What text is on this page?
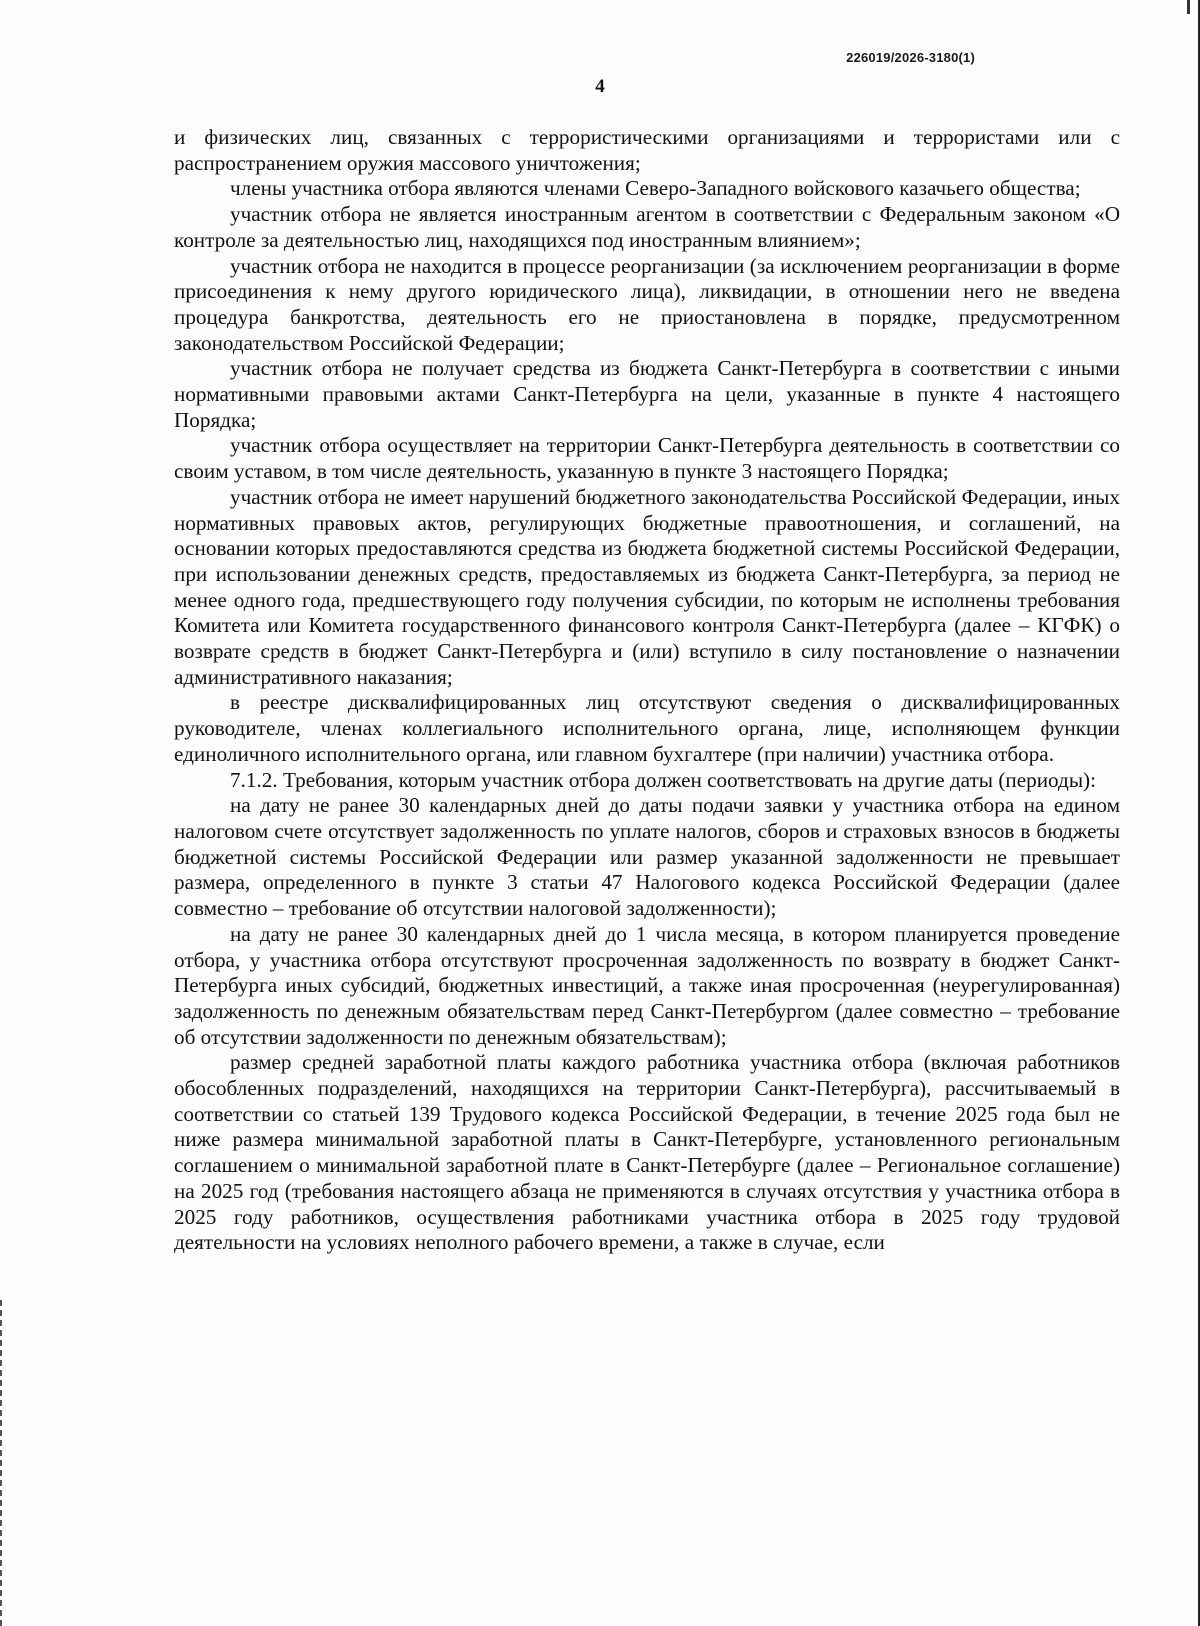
226019/2026-3180(1)
4

и физических лиц, связанных с террористическими организациями и террористами или с распространением оружия массового уничтожения;

члены участника отбора являются членами Северо-Западного войскового казачьего общества;

участник отбора не является иностранным агентом в соответствии с Федеральным законом «О контроле за деятельностью лиц, находящихся под иностранным влиянием»;

участник отбора не находится в процессе реорганизации (за исключением реорганизации в форме присоединения к нему другого юридического лица), ликвидации, в отношении него не введена процедура банкротства, деятельность его не приостановлена в порядке, предусмотренном законодательством Российской Федерации;

участник отбора не получает средства из бюджета Санкт-Петербурга в соответствии с иными нормативными правовыми актами Санкт-Петербурга на цели, указанные в пункте 4 настоящего Порядка;

участник отбора осуществляет на территории Санкт-Петербурга деятельность в соответствии со своим уставом, в том числе деятельность, указанную в пункте 3 настоящего Порядка;

участник отбора не имеет нарушений бюджетного законодательства Российской Федерации, иных нормативных правовых актов, регулирующих бюджетные правоотношения, и соглашений, на основании которых предоставляются средства из бюджета бюджетной системы Российской Федерации, при использовании денежных средств, предоставляемых из бюджета Санкт-Петербурга, за период не менее одного года, предшествующего году получения субсидии, по которым не исполнены требования Комитета или Комитета государственного финансового контроля Санкт-Петербурга (далее – КГФК) о возврате средств в бюджет Санкт-Петербурга и (или) вступило в силу постановление о назначении административного наказания;

в реестре дисквалифицированных лиц отсутствуют сведения о дисквалифицированных руководителе, членах коллегиального исполнительного органа, лице, исполняющем функции единоличного исполнительного органа, или главном бухгалтере (при наличии) участника отбора.

7.1.2. Требования, которым участник отбора должен соответствовать на другие даты (периоды):

на дату не ранее 30 календарных дней до даты подачи заявки у участника отбора на едином налоговом счете отсутствует задолженность по уплате налогов, сборов и страховых взносов в бюджеты бюджетной системы Российской Федерации или размер указанной задолженности не превышает размера, определенного в пункте 3 статьи 47 Налогового кодекса Российской Федерации (далее совместно – требование об отсутствии налоговой задолженности);

на дату не ранее 30 календарных дней до 1 числа месяца, в котором планируется проведение отбора, у участника отбора отсутствуют просроченная задолженность по возврату в бюджет Санкт-Петербурга иных субсидий, бюджетных инвестиций, а также иная просроченная (неурегулированная) задолженность по денежным обязательствам перед Санкт-Петербургом (далее совместно – требование об отсутствии задолженности по денежным обязательствам);

размер средней заработной платы каждого работника участника отбора (включая работников обособленных подразделений, находящихся на территории Санкт-Петербурга), рассчитываемый в соответствии со статьей 139 Трудового кодекса Российской Федерации, в течение 2025 года был не ниже размера минимальной заработной платы в Санкт-Петербурге, установленного региональным соглашением о минимальной заработной плате в Санкт-Петербурге (далее – Региональное соглашение) на 2025 год (требования настоящего абзаца не применяются в случаях отсутствия у участника отбора в 2025 году работников, осуществления работниками участника отбора в 2025 году трудовой деятельности на условиях неполного рабочего времени, а также в случае, если
